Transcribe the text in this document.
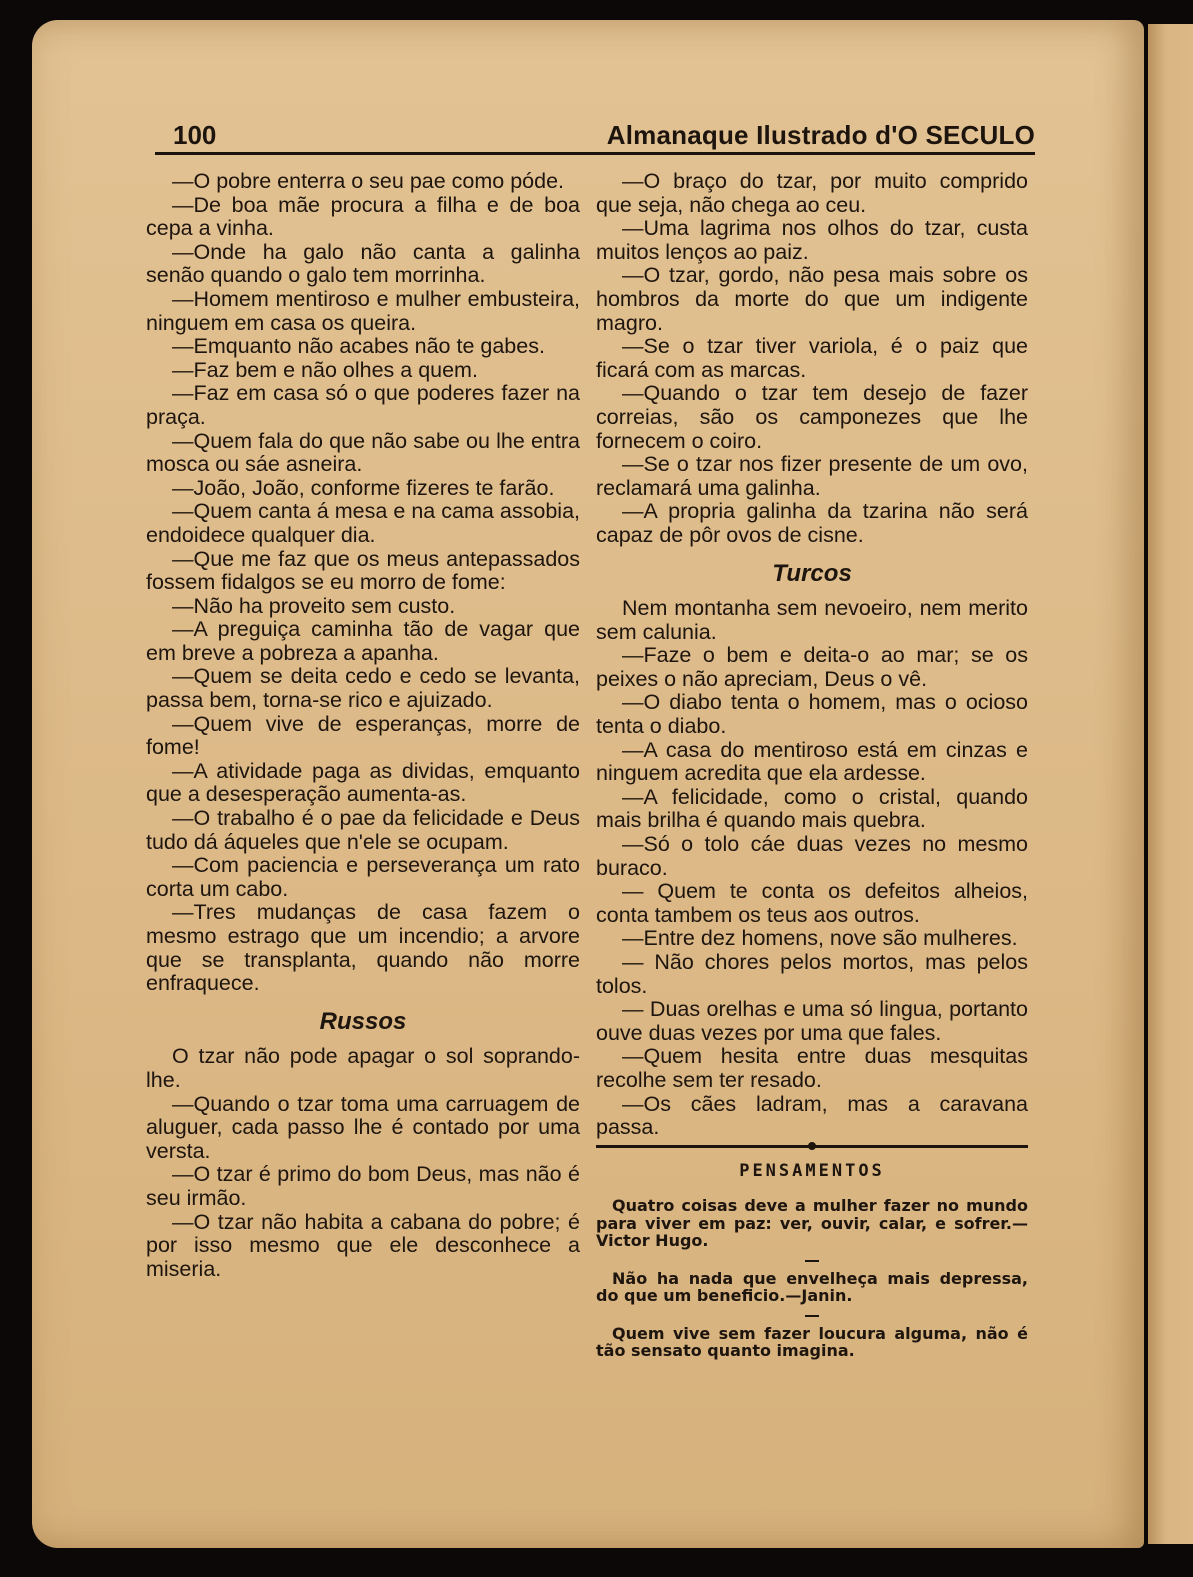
100	Almanaque Ilustrado d'O SECULO

—O pobre enterra o seu pae como póde.

—De boa mãe procura a filha e de boa cepa a vinha.

—Onde ha galo não canta a galinha senão quando o galo tem morrinha.

—Homem mentiroso e mulher embusteira, ninguem em casa os queira.

—Emquanto não acabes não te gabes.

—Faz bem e não olhes a quem.

—Faz em casa só o que poderes fazer na praça.

—Quem fala do que não sabe ou lhe entra mosca ou sáe asneira.

—João, João, conforme fizeres te farão.

—Quem canta á mesa e na cama assobia, endoidece qualquer dia.

—Que me faz que os meus antepassados fossem fidalgos se eu morro de fome:

—Não ha proveito sem custo.

—A preguiça caminha tão de vagar que em breve a pobreza a apanha.

—Quem se deita cedo e cedo se levanta, passa bem, torna-se rico e ajuizado.

—Quem vive de esperanças, morre de fome!

—A atividade paga as dividas, emquanto que a desesperação aumenta-as.

—O trabalho é o pae da felicidade e Deus tudo dá áqueles que n'ele se ocupam.

—Com paciencia e perseverança um rato corta um cabo.

—Tres mudanças de casa fazem o mesmo estrago que um incendio; a arvore que se transplanta, quando não morre enfraquece.

Russos

O tzar não pode apagar o sol soprando-lhe.

—Quando o tzar toma uma carruagem de aluguer, cada passo lhe é contado por uma versta.

—O tzar é primo do bom Deus, mas não é seu irmão.

—O tzar não habita a cabana do pobre; é por isso mesmo que ele desconhece a miseria.

—O braço do tzar, por muito comprido que seja, não chega ao ceu.

—Uma lagrima nos olhos do tzar, custa muitos lenços ao paiz.

—O tzar, gordo, não pesa mais sobre os hombros da morte do que um indigente magro.

—Se o tzar tiver variola, é o paiz que ficará com as marcas.

—Quando o tzar tem desejo de fazer correias, são os camponezes que lhe fornecem o coiro.

—Se o tzar nos fizer presente de um ovo, reclamará uma galinha.

—A propria galinha da tzarina não será capaz de pôr ovos de cisne.

Turcos

Nem montanha sem nevoeiro, nem merito sem calunia.

—Faze o bem e deita-o ao mar; se os peixes o não apreciam, Deus o vê.

—O diabo tenta o homem, mas o ocioso tenta o diabo.

—A casa do mentiroso está em cinzas e ninguem acredita que ela ardesse.

—A felicidade, como o cristal, quando mais brilha é quando mais quebra.

—Só o tolo cáe duas vezes no mesmo buraco.

— Quem te conta os defeitos alheios, conta tambem os teus aos outros.

—Entre dez homens, nove são mulheres.

— Não chores pelos mortos, mas pelos tolos.

— Duas orelhas e uma só lingua, portanto ouve duas vezes por uma que fales.

—Quem hesita entre duas mesquitas recolhe sem ter resado.

—Os cães ladram, mas a caravana passa.

PENSAMENTOS

Quatro coisas deve a mulher fazer no mundo para viver em paz: ver, ouvir, calar, e sofrer.—Victor Hugo.

Não ha nada que envelheça mais depressa, do que um beneficio.—Janin.

Quem vive sem fazer loucura alguma, não é tão sensato quanto imagina.
